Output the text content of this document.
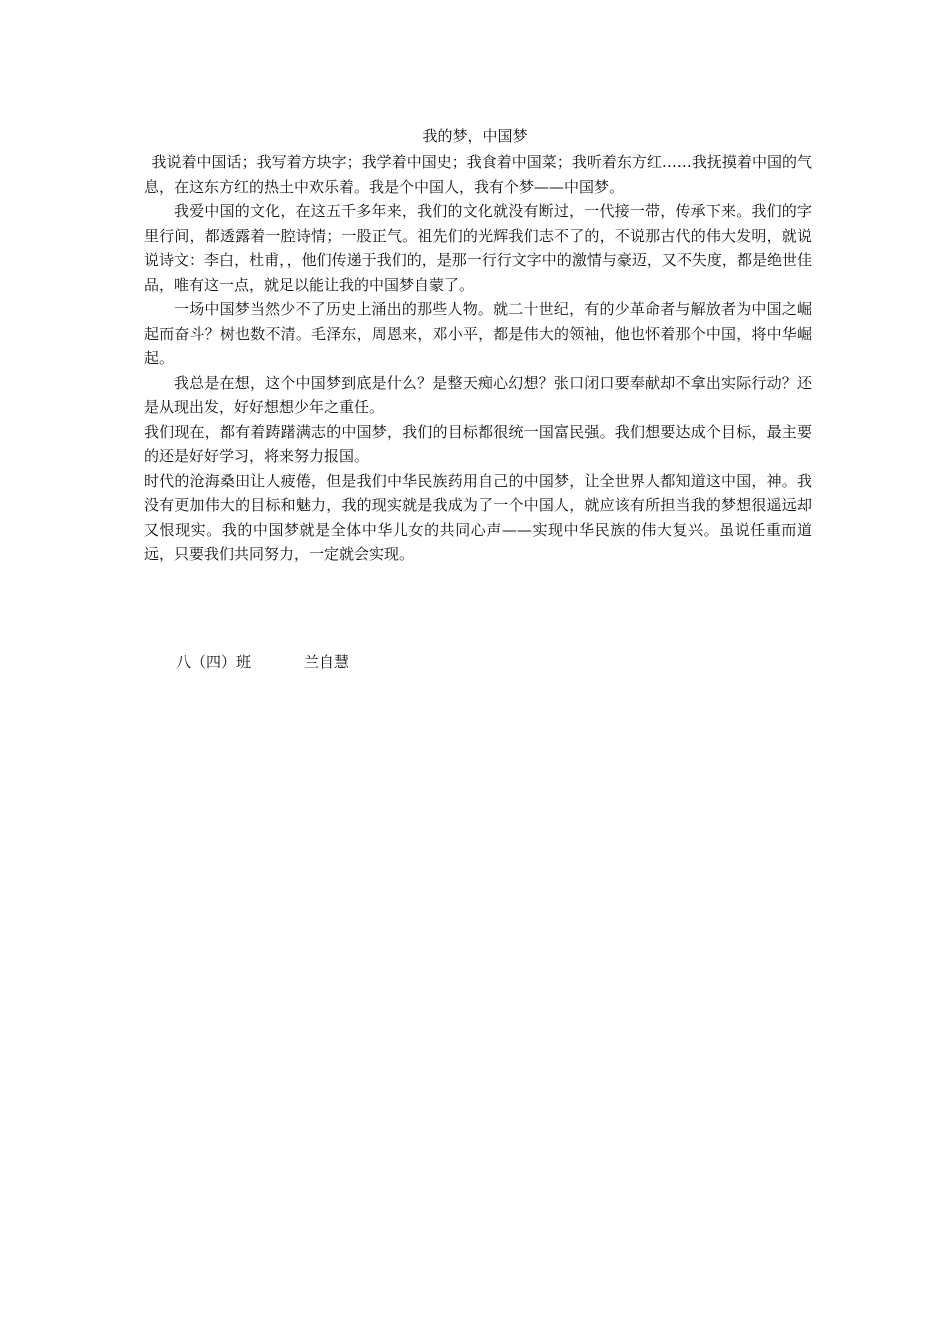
我的梦，中国梦

我说着中国话；我写着方块字；我学着中国史；我食着中国菜；我听着东方红……我抚摸着中国的气息，在这东方红的热土中欢乐着。我是个中国人，我有个梦——中国梦。

我爱中国的文化，在这五千多年来，我们的文化就没有断过，一代接一带，传承下来。我们的字里行间，都透露着一腔诗情；一股正气。祖先们的光辉我们志不了的，不说那古代的伟大发明，就说说诗文：李白，杜甫，，他们传递于我们的，是那一行行文字中的激情与豪迈，又不失度，都是绝世佳品，唯有这一点，就足以能让我的中国梦自蒙了。

一场中国梦当然少不了历史上涌出的那些人物。就二十世纪，有的少革命者与解放者为中国之崛起而奋斗？树也数不清。毛泽东，周恩来，邓小平，都是伟大的领袖，他也怀着那个中国，将中华崛起。

我总是在想，这个中国梦到底是什么？是整天痴心幻想？张口闭口要奉献却不拿出实际行动？还是从现出发，好好想想少年之重任。

我们现在，都有着踌躇满志的中国梦，我们的目标都很统一国富民强。我们想要达成个目标，最主要的还是好好学习，将来努力报国。

时代的沧海桑田让人疲倦，但是我们中华民族药用自己的中国梦，让全世界人都知道这中国，神。我没有更加伟大的目标和魅力，我的现实就是我成为了一个中国人，就应该有所担当我的梦想很遥远却又恨现实。我的中国梦就是全体中华儿女的共同心声——实现中华民族的伟大复兴。虽说任重而道远，只要我们共同努力，一定就会实现。

八（四）班	兰自慧
